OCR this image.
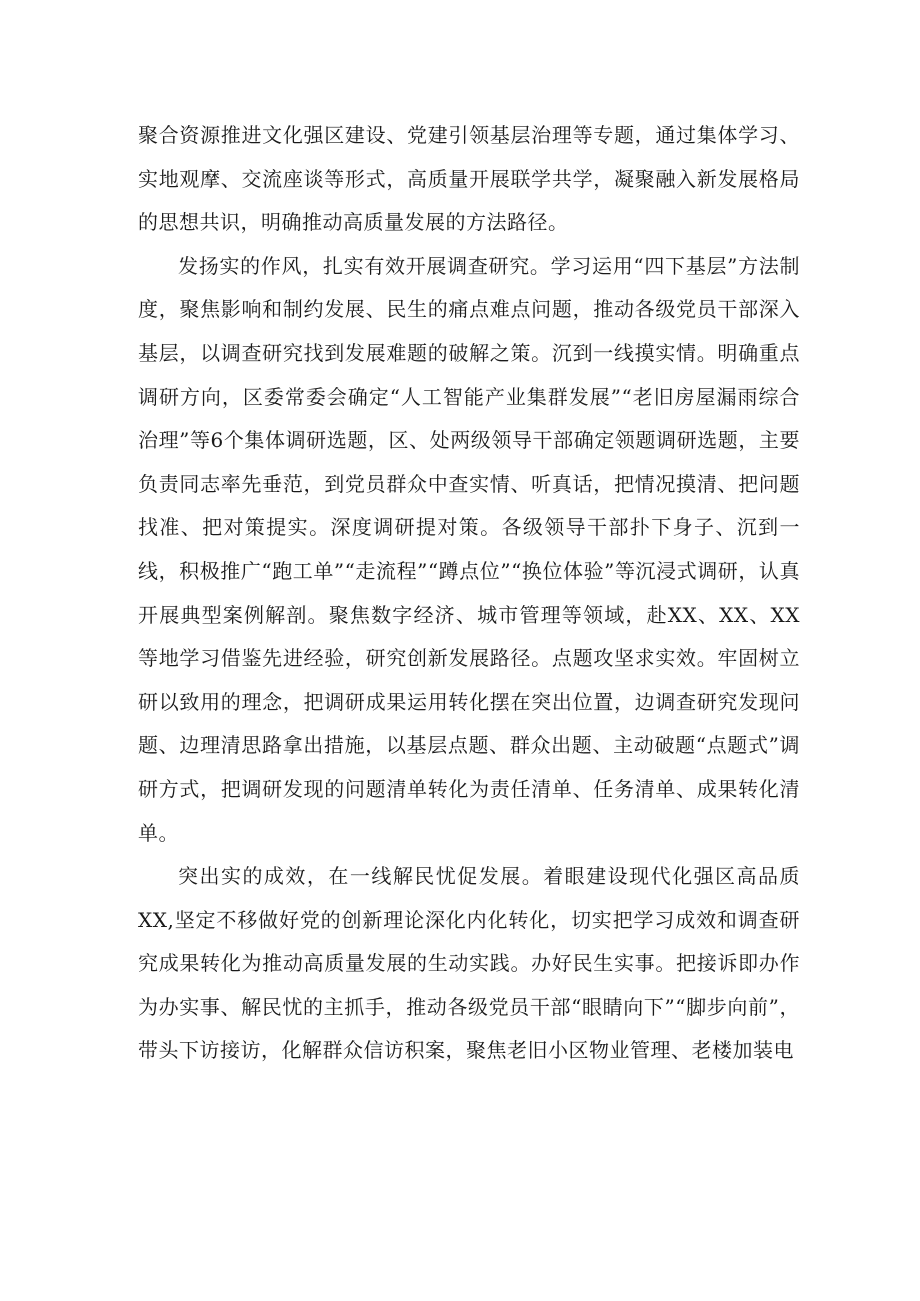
聚合资源推进文化强区建设、党建引领基层治理等专题，通过集体学习、实地观摩、交流座谈等形式，高质量开展联学共学，凝聚融入新发展格局的思想共识，明确推动高质量发展的方法路径。

发扬实的作风，扎实有效开展调查研究。学习运用“四下基层”方法制度，聚焦影响和制约发展、民生的痛点难点问题，推动各级党员干部深入基层，以调查研究找到发展难题的破解之策。沉到一线摸实情。明确重点调研方向，区委常委会确定“人工智能产业集群发展”“老旧房屋漏雨综合治理”等6个集体调研选题，区、处两级领导干部确定领题调研选题，主要负责同志率先垂范，到党员群众中查实情、听真话，把情况摸清、把问题找准、把对策提实。深度调研提对策。各级领导干部扑下身子、沉到一线，积极推广“跑工单”“走流程”“蹲点位”“换位体验”等沉浸式调研，认真开展典型案例解剖。聚焦数字经济、城市管理等领域，赴XX、XX、XX等地学习借鉴先进经验，研究创新发展路径。点题攻坚求实效。牢固树立研以致用的理念，把调研成果运用转化摆在突出位置，边调查研究发现问题、边理清思路拿出措施，以基层点题、群众出题、主动破题“点题式”调研方式，把调研发现的问题清单转化为责任清单、任务清单、成果转化清单。

突出实的成效，在一线解民忧促发展。着眼建设现代化强区高品质XX,坚定不移做好党的创新理论深化内化转化，切实把学习成效和调查研究成果转化为推动高质量发展的生动实践。办好民生实事。把接诉即办作为办实事、解民忧的主抓手，推动各级党员干部“眼睛向下”“脚步向前”，带头下访接访，化解群众信访积案，聚焦老旧小区物业管理、老楼加装电
